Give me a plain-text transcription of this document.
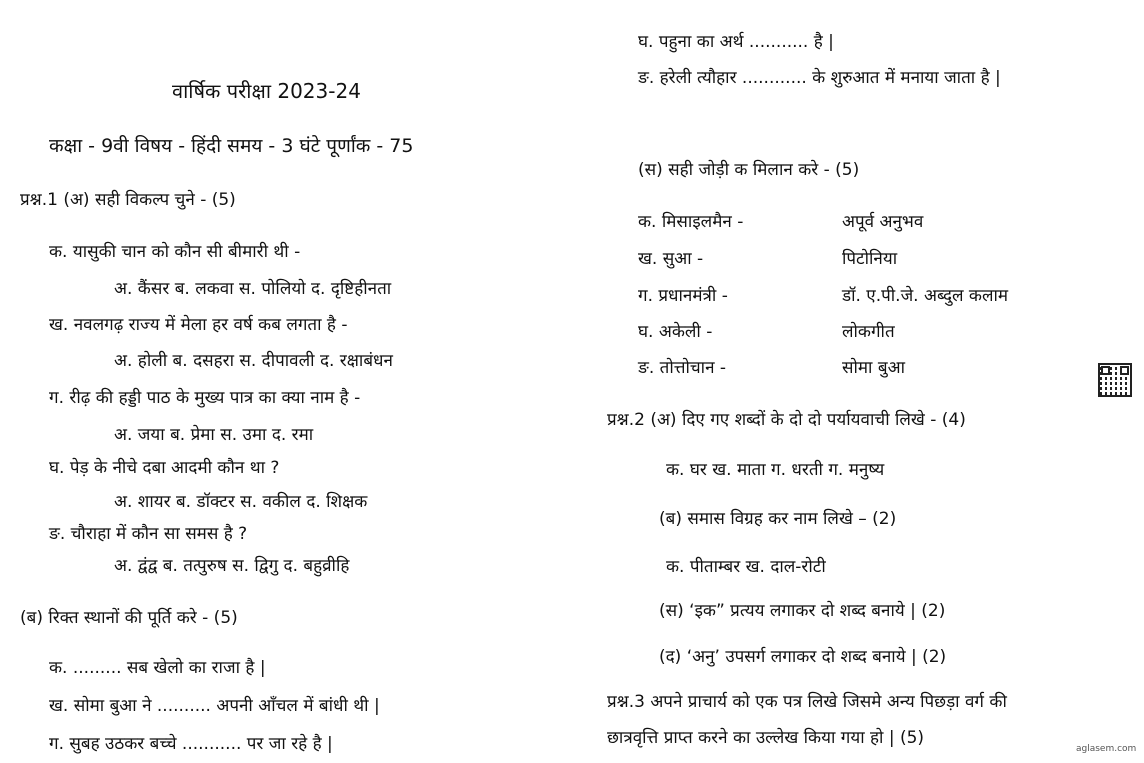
वार्षिक परीक्षा 2023-24
कक्षा - 9वी विषय - हिंदी समय - 3 घंटे पूर्णांक - 75
प्रश्न.1 (अ) सही विकल्प चुने - (5)
क. यासुकी चान को कौन सी बीमारी थी -
अ. कैंसर ब. लकवा स. पोलियो द. दृष्टिहीनता
ख. नवलगढ़ राज्य में मेला हर वर्ष कब लगता है -
अ. होली ब. दसहरा स. दीपावली द. रक्षाबंधन
ग. रीढ़ की हड्डी पाठ के मुख्य पात्र का क्या नाम है -
अ. जया ब. प्रेमा स. उमा द. रमा
घ. पेड़ के नीचे दबा आदमी कौन था ?
अ. शायर ब. डॉक्टर स. वकील द. शिक्षक
ङ. चौराहा में कौन सा समस है ?
अ. द्वंद्व ब. तत्पुरुष स. द्विगु द. बहुव्रीहि
(ब) रिक्त स्थानों की पूर्ति करे - (5)
क. ......... सब खेलो का राजा है |
ख. सोमा बुआ ने .......... अपनी आँचल में बांधी थी |
ग. सुबह उठकर बच्चे ........... पर जा रहे है |
घ. पहुना का अर्थ ........... है |
ङ. हरेली त्यौहार ............ के शुरुआत में मनाया जाता है |
(स) सही जोड़ी क मिलान करे - (5)
क. मिसाइलमैन -	अपूर्व अनुभव
ख. सुआ -	पिटोनिया
ग. प्रधानमंत्री -	डॉ. ए.पी.जे. अब्दुल कलाम
घ. अकेली -	लोकगीत
ङ. तोत्तोचान -	सोमा बुआ
प्रश्न.2 (अ) दिए गए शब्दों के दो दो पर्यायवाची लिखे - (4)
क. घर ख. माता ग. धरती ग. मनुष्य
(ब) समास विग्रह कर नाम लिखे – (2)
क. पीताम्बर ख. दाल-रोटी
(स) ‘इक” प्रत्यय लगाकर दो शब्द बनाये | (2)
(द) ‘अनु’ उपसर्ग लगाकर दो शब्द बनाये | (2)
प्रश्न.3 अपने प्राचार्य को एक पत्र लिखे जिसमे अन्य पिछड़ा वर्ग की
छात्रवृत्ति प्राप्त करने का उल्लेख किया गया हो | (5)
aglasem.com
